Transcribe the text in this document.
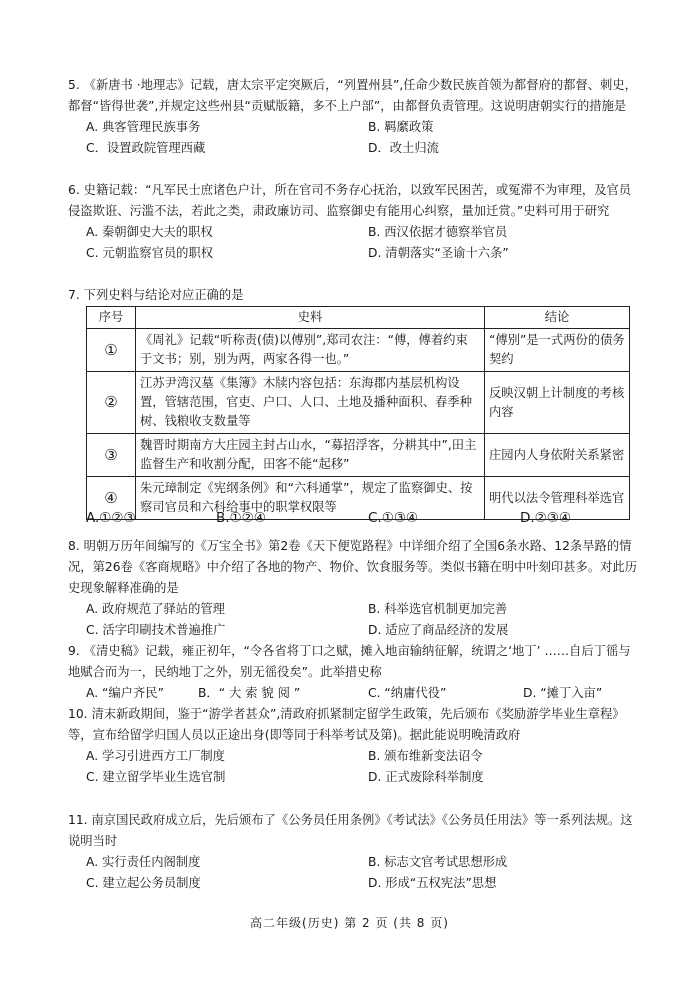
5. 《新唐书 ·地理志》记载，唐太宗平定突厥后，“列置州县”,任命少数民族首领为都督府的都督、刺史，都督“皆得世袭”,并规定这些州县“贡赋版籍，多不上户部”，由都督负责管理。这说明唐朝实行的措施是

A. 典客管理民族事务	B. 羁縻政策
C．设置政院管理西藏	D．改土归流

6. 史籍记载：“凡军民士庶诸色户计，所在官司不务存心抚治，以致军民困苦，或冤滞不为审理，及官员侵盗欺诳、污滥不法，若此之类，肃政廉访司、监察御史有能用心纠察，量加迁赏。”史料可用于研究

A. 秦朝御史大夫的职权	B. 西汉依据才德察举官员
C. 元朝监察官员的职权	D. 清朝落实“圣谕十六条”

7. 下列史料与结论对应正确的是

序号	史料	结论
①	《周礼》记载“听称责(债)以傅别”,郑司农注：“傅，傅着约束于文书；别，别为两，两家各得一也。”	“傅别”是一式两份的债务契约
②	江苏尹湾汉墓《集簿》木牍内容包括：东海郡内基层机构设置，管辖范围，官吏、户口、人口、土地及播种面积、春季种树、钱粮收支数量等	反映汉朝上计制度的考核内容
③	魏晋时期南方大庄园主封占山水，“募招浮客，分耕其中”,田主监督生产和收割分配，田客不能“起移”	庄园内人身依附关系紧密
④	朱元璋制定《宪纲条例》和“六科通掌”，规定了监察御史、按察司官员和六科给事中的职掌权限等	明代以法令管理科举选官
A.①②③	B.①②④	C.①③④	D.②③④

8. 明朝万历年间编写的《万宝全书》第2卷《天下便览路程》中详细介绍了全国6条水路、12条旱路的情况，第26卷《客商规略》中介绍了各地的物产、物价、饮食服务等。类似书籍在明中叶刻印甚多。对此历史现象解释准确的是

A. 政府规范了驿站的管理	B. 科举选官机制更加完善
C. 活字印刷技术普遍推广	D. 适应了商品经济的发展

9. 《清史稿》记载，雍正初年，“令各省将丁口之赋，摊入地亩输纳征解，统谓之‘地丁’ ……自后丁徭与地赋合而为一，民纳地丁之外，别无徭役矣”。此举措史称

A. “编户齐民”	B．“ 大 索 貌 阅 ”	C. “纳庸代役”	D. “摊丁入亩”

10. 清末新政期间，鉴于“游学者甚众”,清政府抓紧制定留学生政策，先后颁布《奖励游学毕业生章程》等，宣布给留学归国人员以正途出身(即等同于科举考试及第)。据此能说明晚清政府

A. 学习引进西方工厂制度	B. 颁布维新变法诏令
C. 建立留学毕业生选官制	D. 正式废除科举制度

11. 南京国民政府成立后，先后颁布了《公务员任用条例》《考试法》《公务员任用法》等一系列法规。这说明当时

A. 实行责任内阁制度	B. 标志文官考试思想形成
C. 建立起公务员制度	D. 形成“五权宪法”思想
高二年级(历史) 第 2 页 (共 8 页)
